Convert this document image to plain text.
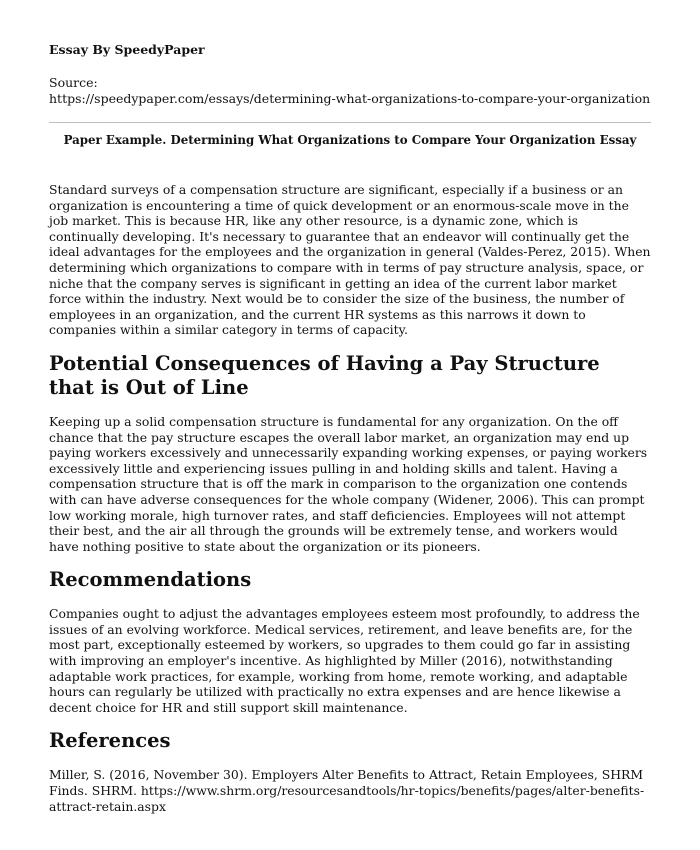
Essay By SpeedyPaper

Source:

https://speedypaper.com/essays/determining-what-organizations-to-compare-your-organization

Paper Example. Determining What Organizations to Compare Your Organization Essay

Standard surveys of a compensation structure are significant, especially if a business or an organization is encountering a time of quick development or an enormous-scale move in the job market. This is because HR, like any other resource, is a dynamic zone, which is continually developing. It's necessary to guarantee that an endeavor will continually get the ideal advantages for the employees and the organization in general (Valdes-Perez, 2015). When determining which organizations to compare with in terms of pay structure analysis, space, or niche that the company serves is significant in getting an idea of the current labor market force within the industry. Next would be to consider the size of the business, the number of employees in an organization, and the current HR systems as this narrows it down to companies within a similar category in terms of capacity.

Potential Consequences of Having a Pay Structure that is Out of Line

Keeping up a solid compensation structure is fundamental for any organization. On the off chance that the pay structure escapes the overall labor market, an organization may end up paying workers excessively and unnecessarily expanding working expenses, or paying workers excessively little and experiencing issues pulling in and holding skills and talent. Having a compensation structure that is off the mark in comparison to the organization one contends with can have adverse consequences for the whole company (Widener, 2006). This can prompt low working morale, high turnover rates, and staff deficiencies. Employees will not attempt their best, and the air all through the grounds will be extremely tense, and workers would have nothing positive to state about the organization or its pioneers.

Recommendations

Companies ought to adjust the advantages employees esteem most profoundly, to address the issues of an evolving workforce. Medical services, retirement, and leave benefits are, for the most part, exceptionally esteemed by workers, so upgrades to them could go far in assisting with improving an employer's incentive. As highlighted by Miller (2016), notwithstanding adaptable work practices, for example, working from home, remote working, and adaptable hours can regularly be utilized with practically no extra expenses and are hence likewise a decent choice for HR and still support skill maintenance.

References

Miller, S. (2016, November 30). Employers Alter Benefits to Attract, Retain Employees, SHRM Finds. SHRM. https://www.shrm.org/resourcesandtools/hr-topics/benefits/pages/alter-benefits-attract-retain.aspx
